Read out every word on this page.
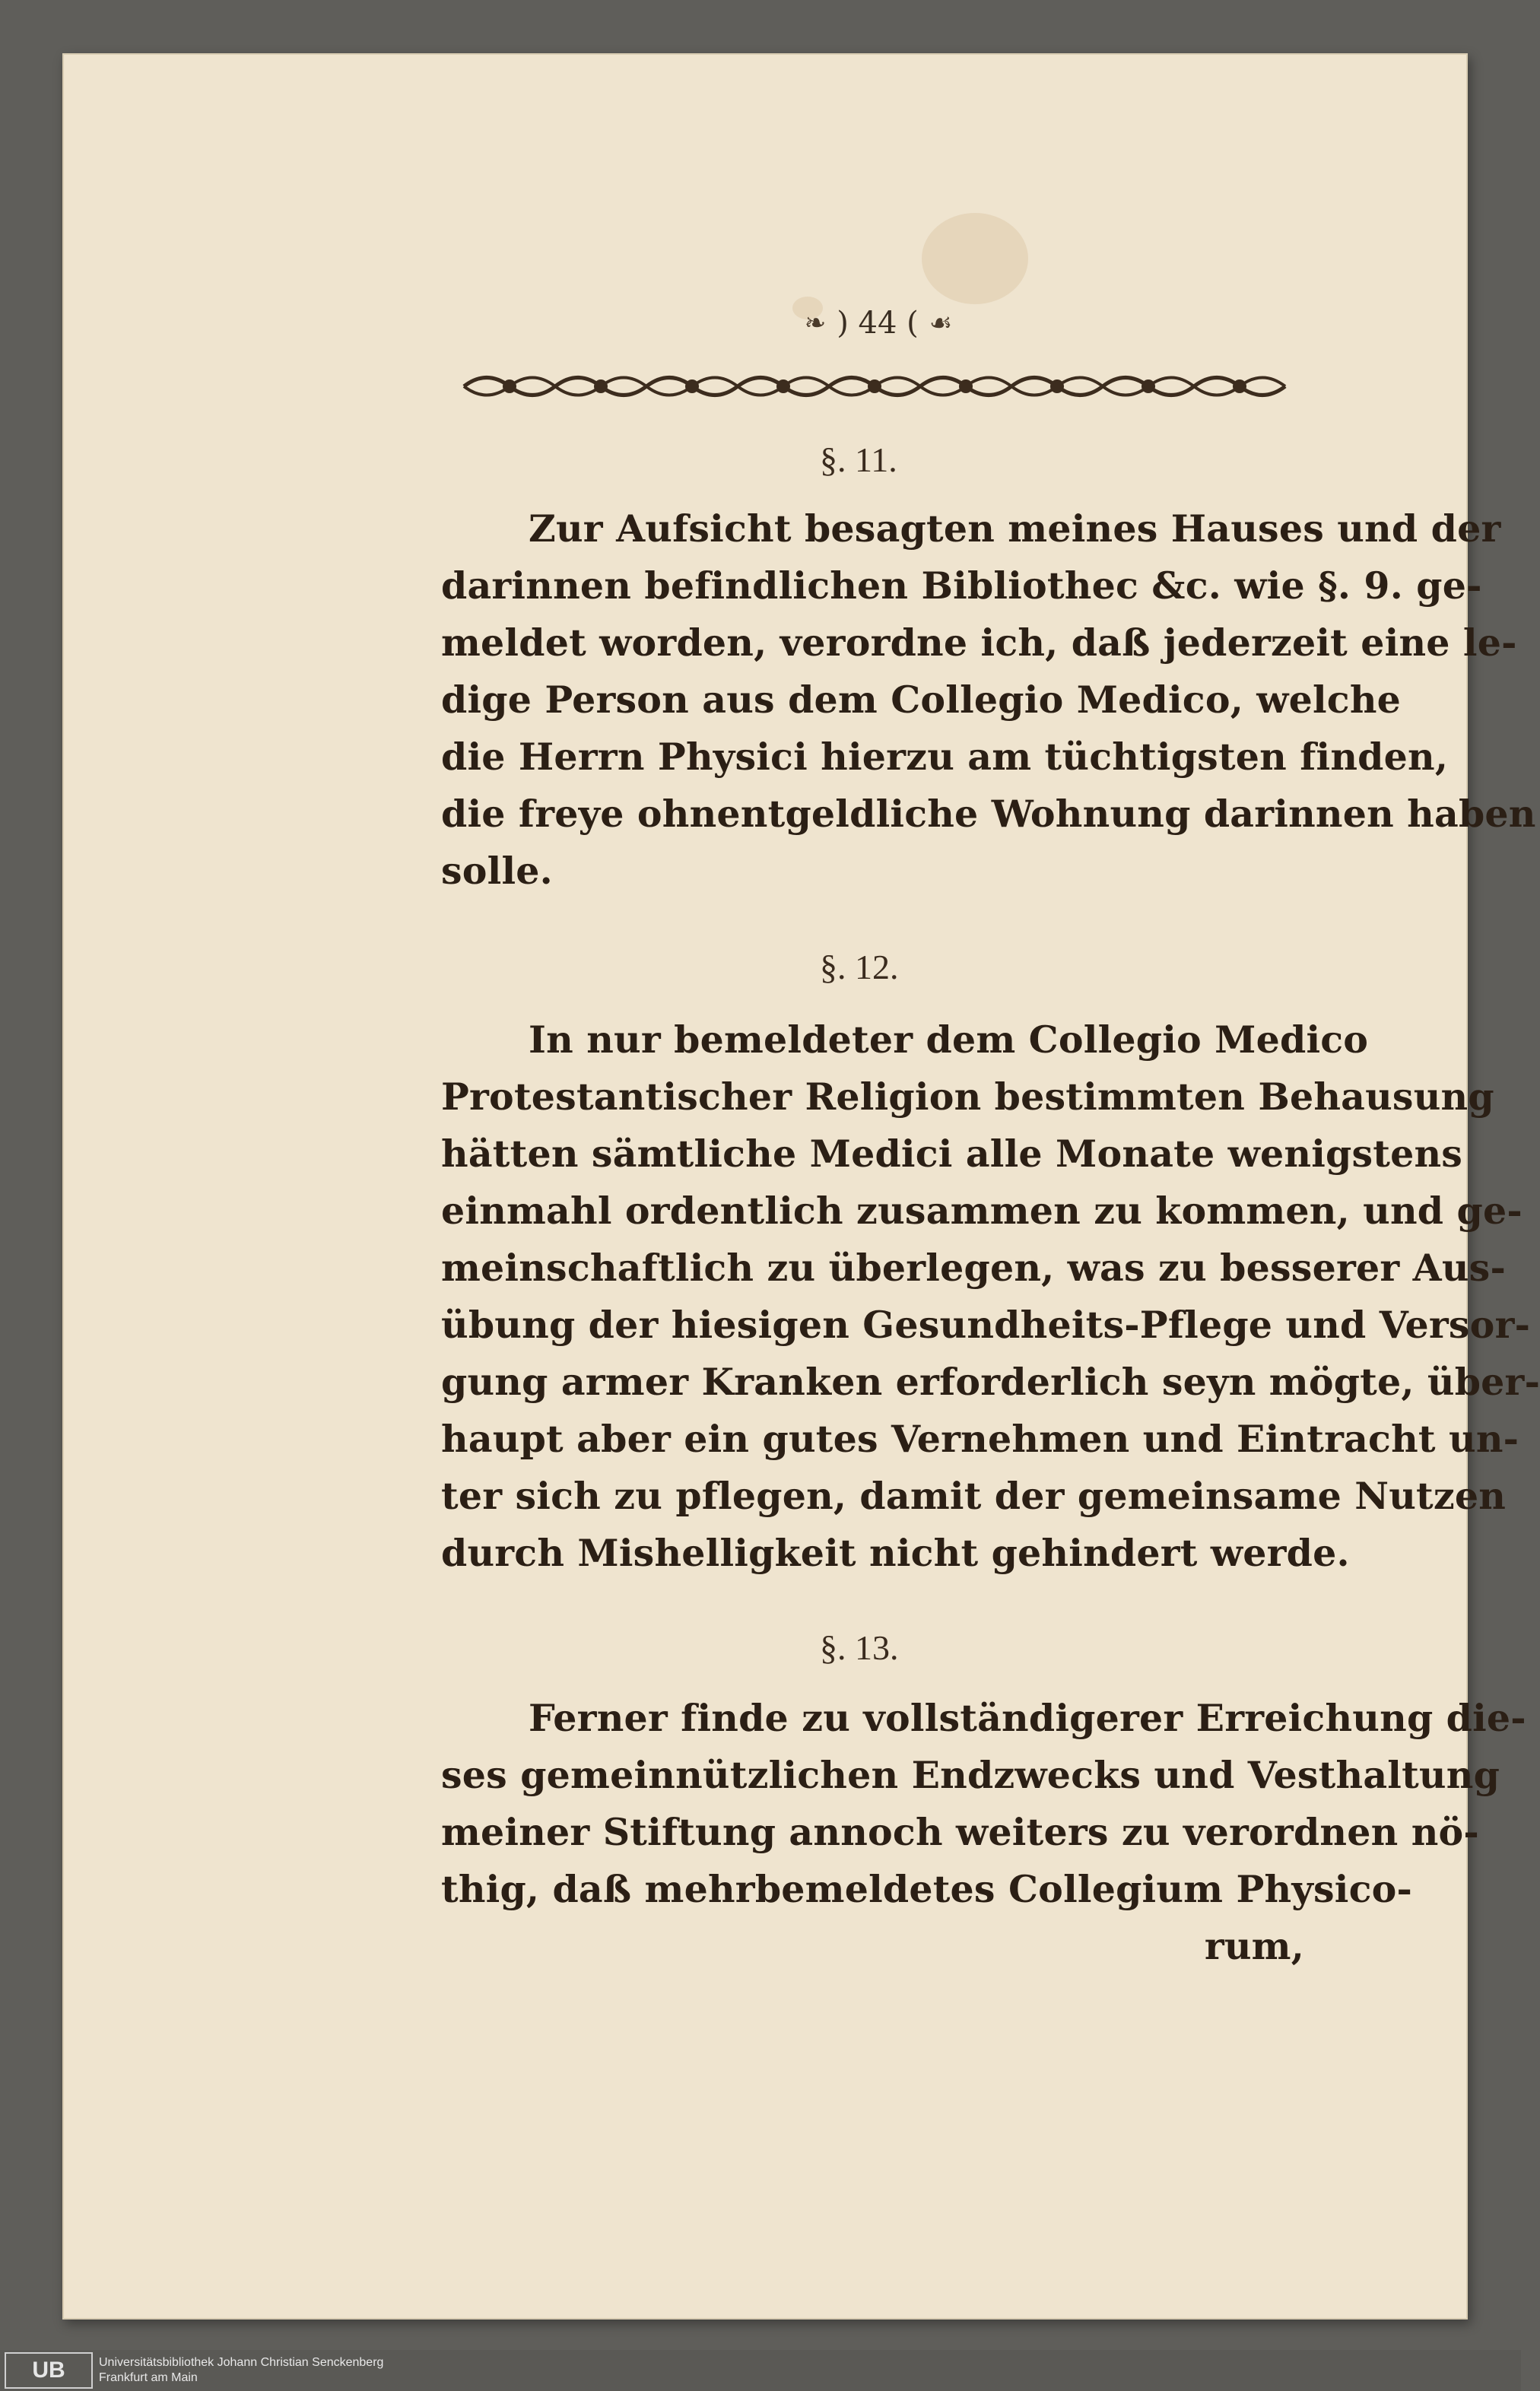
❧ ) 44 ( ☙
§. 11.
Zur Aufsicht besagten meines Hauses und der
darinnen befindlichen Bibliothec &c. wie §. 9. ge-
meldet worden, verordne ich, daß jederzeit eine le-
dige Person aus dem Collegio Medico, welche
die Herrn Physici hierzu am tüchtigsten finden,
die freye ohnentgeldliche Wohnung darinnen haben
solle.
§. 12.
In nur bemeldeter dem Collegio Medico
Protestantischer Religion bestimmten Behausung
hätten sämtliche Medici alle Monate wenigstens
einmahl ordentlich zusammen zu kommen, und ge-
meinschaftlich zu überlegen, was zu besserer Aus-
übung der hiesigen Gesundheits-Pflege und Versor-
gung armer Kranken erforderlich seyn mögte, über-
haupt aber ein gutes Vernehmen und Eintracht un-
ter sich zu pflegen, damit der gemeinsame Nutzen
durch Mishelligkeit nicht gehindert werde.
§. 13.
Ferner finde zu vollständigerer Erreichung die-
ses gemeinnützlichen Endzwecks und Vesthaltung
meiner Stiftung annoch weiters zu verordnen nö-
thig, daß mehrbemeldetes Collegium Physico-
rum,
UB	Universitätsbibliothek Johann Christian Senckenberg
Frankfurt am Main
